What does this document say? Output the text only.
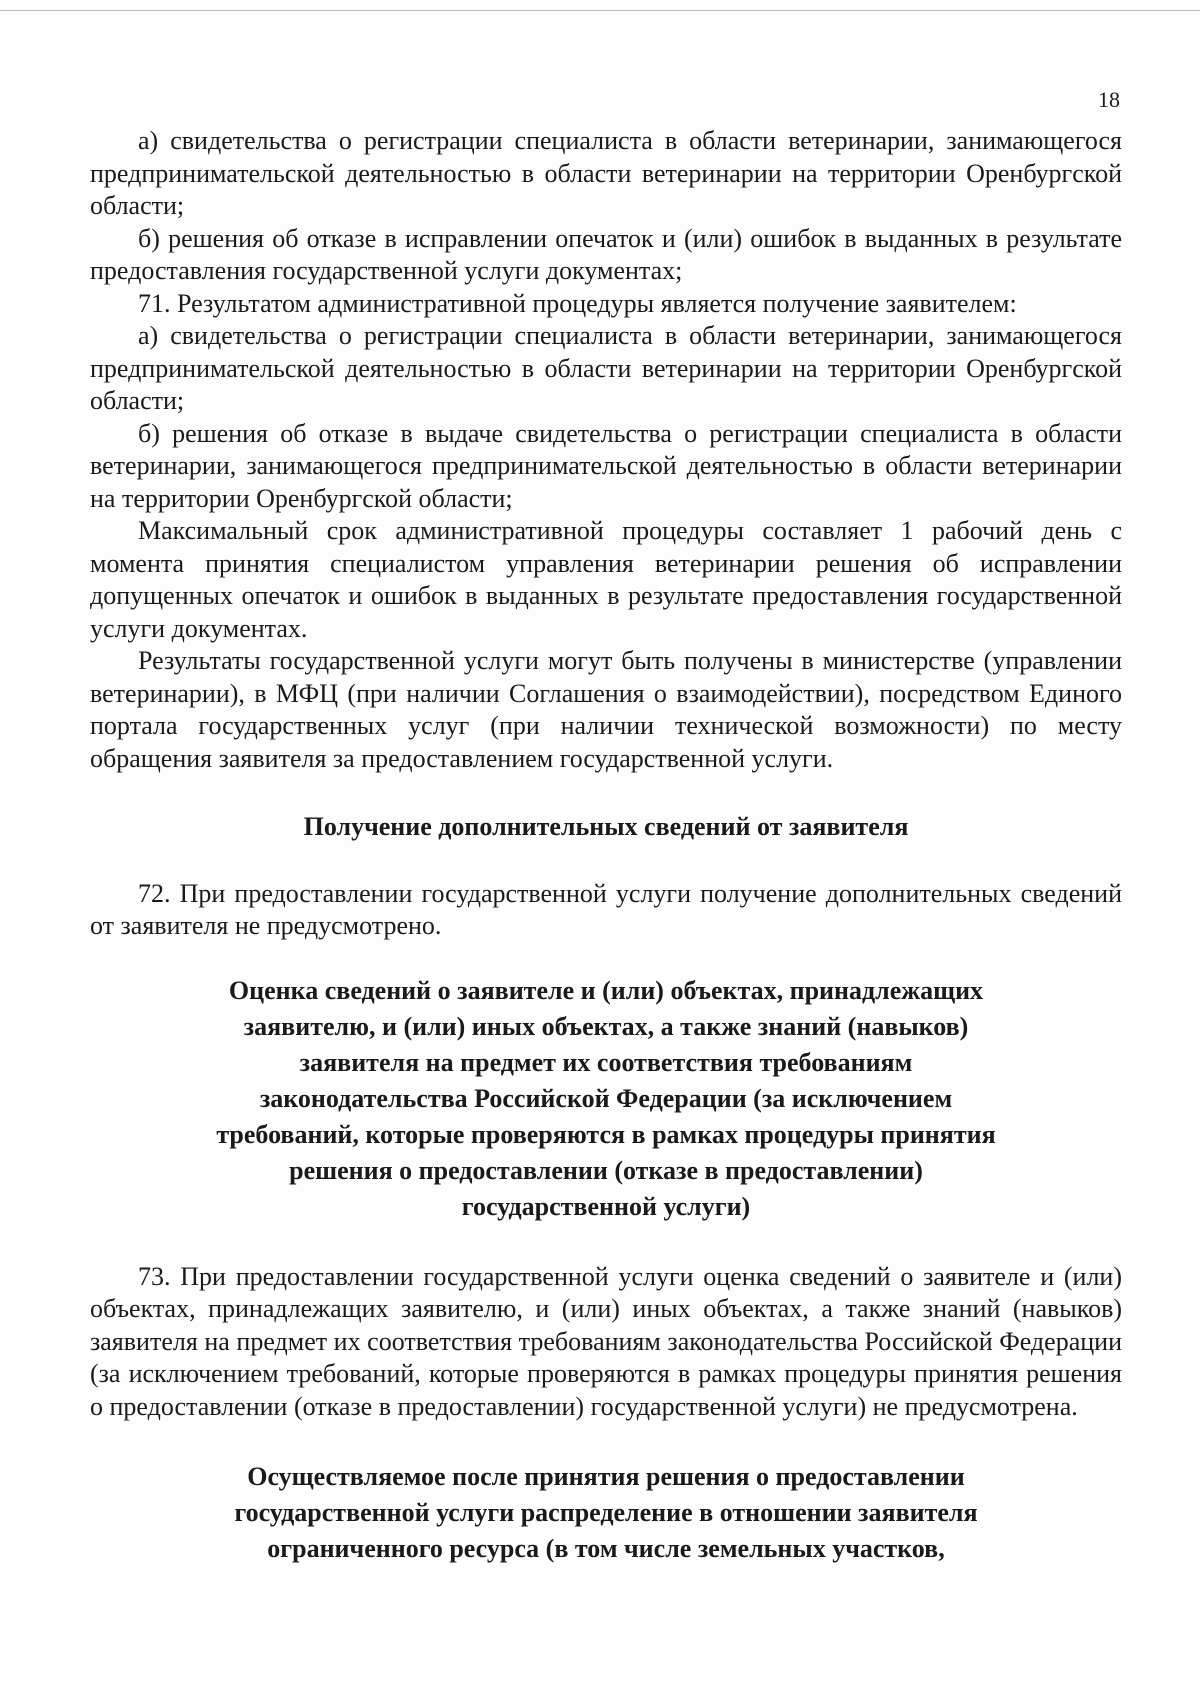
18

а) свидетельства о регистрации специалиста в области ветеринарии, занимающегося предпринимательской деятельностью в области ветеринарии на территории Оренбургской области;

б) решения об отказе в исправлении опечаток и (или) ошибок в выданных в результате предоставления государственной услуги документах;

71. Результатом административной процедуры является получение заявителем:

а) свидетельства о регистрации специалиста в области ветеринарии, занимающегося предпринимательской деятельностью в области ветеринарии на территории Оренбургской области;

б) решения об отказе в выдаче свидетельства о регистрации специалиста в области ветеринарии, занимающегося предпринимательской деятельностью в области ветеринарии на территории Оренбургской области;

Максимальный срок административной процедуры составляет 1 рабочий день с момента принятия специалистом управления ветеринарии решения об исправлении допущенных опечаток и ошибок в выданных в результате предоставления государственной услуги документах.

Результаты государственной услуги могут быть получены в министерстве (управлении ветеринарии), в МФЦ (при наличии Соглашения о взаимодействии), посредством Единого портала государственных услуг (при наличии технической возможности) по месту обращения заявителя за предоставлением государственной услуги.

Получение дополнительных сведений от заявителя

72. При предоставлении государственной услуги получение дополнительных сведений от заявителя не предусмотрено.

Оценка сведений о заявителе и (или) объектах, принадлежащих заявителю, и (или) иных объектах, а также знаний (навыков) заявителя на предмет их соответствия требованиям законодательства Российской Федерации (за исключением требований, которые проверяются в рамках процедуры принятия решения о предоставлении (отказе в предоставлении) государственной услуги)

73. При предоставлении государственной услуги оценка сведений о заявителе и (или) объектах, принадлежащих заявителю, и (или) иных объектах, а также знаний (навыков) заявителя на предмет их соответствия требованиям законодательства Российской Федерации (за исключением требований, которые проверяются в рамках процедуры принятия решения о предоставлении (отказе в предоставлении) государственной услуги) не предусмотрена.

Осуществляемое после принятия решения о предоставлении государственной услуги распределение в отношении заявителя ограниченного ресурса (в том числе земельных участков,
